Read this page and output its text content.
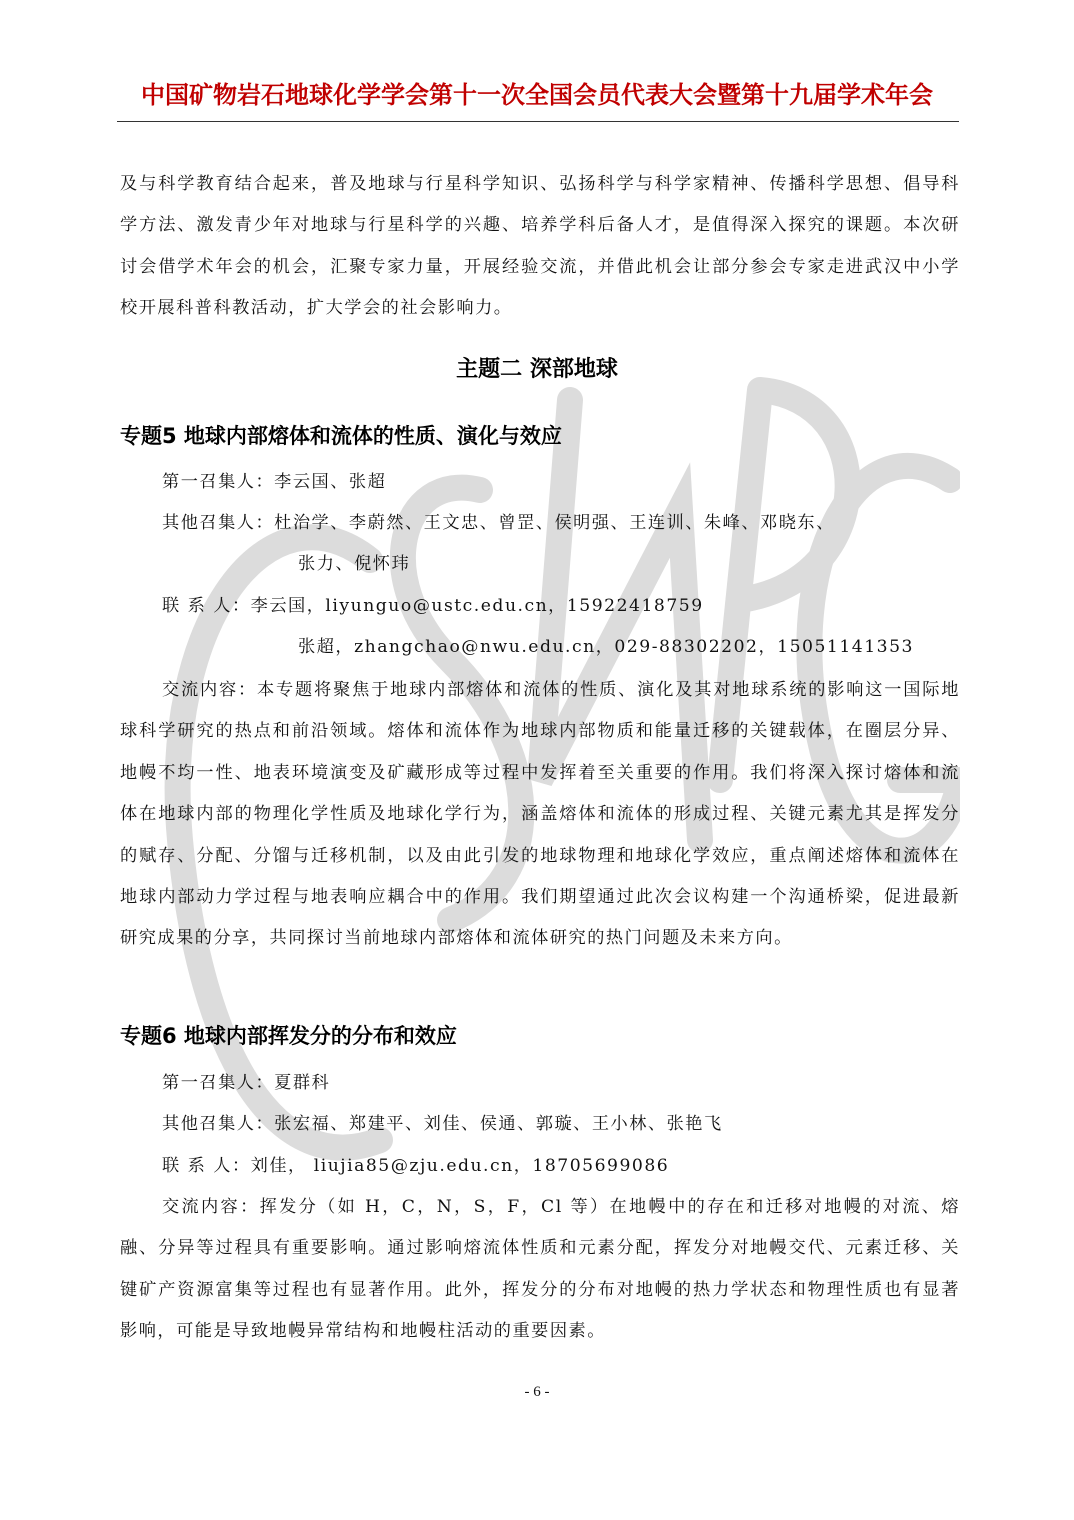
中国矿物岩石地球化学学会第十一次全国会员代表大会暨第十九届学术年会

及与科学教育结合起来，普及地球与行星科学知识、弘扬科学与科学家精神、传播科学思想、倡导科学方法、激发青少年对地球与行星科学的兴趣、培养学科后备人才，是值得深入探究的课题。本次研讨会借学术年会的机会，汇聚专家力量，开展经验交流，并借此机会让部分参会专家走进武汉中小学校开展科普科教活动，扩大学会的社会影响力。

主题二 深部地球
专题5 地球内部熔体和流体的性质、演化与效应
第一召集人：李云国、张超
其他召集人：杜治学、李蔚然、王文忠、曾罡、侯明强、王连训、朱峰、邓晓东、
张力、倪怀玮
联 系 人：李云国，liyunguo@ustc.edu.cn，15922418759
张超，zhangchao@nwu.edu.cn，029-88302202，15051141353

交流内容：本专题将聚焦于地球内部熔体和流体的性质、演化及其对地球系统的影响这一国际地球科学研究的热点和前沿领域。熔体和流体作为地球内部物质和能量迁移的关键载体，在圈层分异、地幔不均一性、地表环境演变及矿藏形成等过程中发挥着至关重要的作用。我们将深入探讨熔体和流体在地球内部的物理化学性质及地球化学行为，涵盖熔体和流体的形成过程、关键元素尤其是挥发分的赋存、分配、分馏与迁移机制，以及由此引发的地球物理和地球化学效应，重点阐述熔体和流体在地球内部动力学过程与地表响应耦合中的作用。我们期望通过此次会议构建一个沟通桥梁，促进最新研究成果的分享，共同探讨当前地球内部熔体和流体研究的热门问题及未来方向。

专题6 地球内部挥发分的分布和效应
第一召集人：夏群科
其他召集人：张宏福、郑建平、刘佳、侯通、郭璇、王小林、张艳飞
联 系 人：刘佳， liujia85@zju.edu.cn，18705699086

交流内容：挥发分（如 H，C，N，S，F，Cl 等）在地幔中的存在和迁移对地幔的对流、熔融、分异等过程具有重要影响。通过影响熔流体性质和元素分配，挥发分对地幔交代、元素迁移、关键矿产资源富集等过程也有显著作用。此外，挥发分的分布对地幔的热力学状态和物理性质也有显著影响，可能是导致地幔异常结构和地幔柱活动的重要因素。

- 6 -
